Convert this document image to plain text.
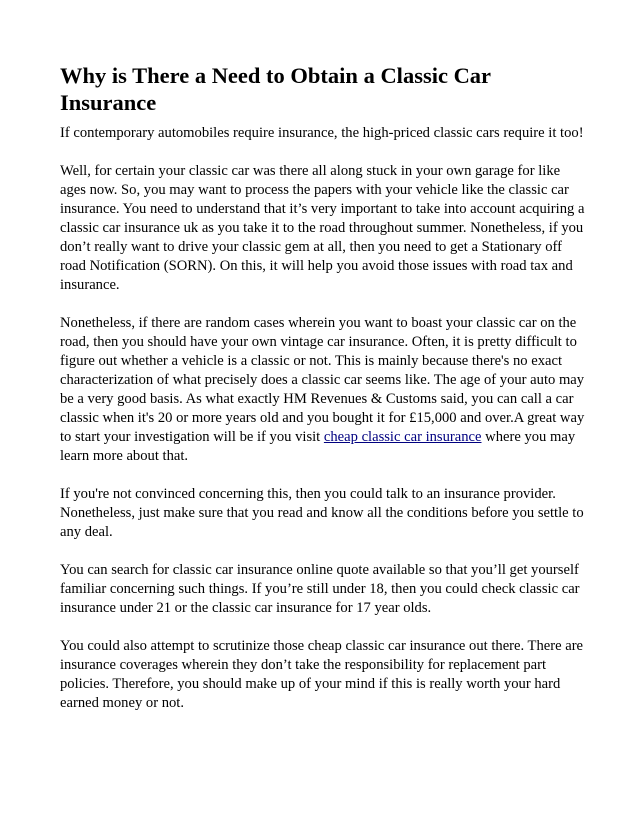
Why is There a Need to Obtain a Classic Car Insurance

If contemporary automobiles require insurance, the high-priced classic cars require it too!

Well, for certain your classic car was there all along stuck in your own garage for like ages now. So, you may want to process the papers with your vehicle like the classic car insurance. You need to understand that it’s very important to take into account acquiring a classic car insurance uk as you take it to the road throughout summer. Nonetheless, if you don’t really want to drive your classic gem at all, then you need to get a Stationary off road Notification (SORN). On this, it will help you avoid those issues with road tax and insurance.

Nonetheless, if there are random cases wherein you want to boast your classic car on the road, then you should have your own vintage car insurance. Often, it is pretty difficult to figure out whether a vehicle is a classic or not. This is mainly because there's no exact characterization of what precisely does a classic car seems like. The age of your auto may be a very good basis. As what exactly HM Revenues & Customs said, you can call a car classic when it's 20 or more years old and you bought it for £15,000 and over.A great way to start your investigation will be if you visit cheap classic car insurance where you may learn more about that.

If you're not convinced concerning this, then you could talk to an insurance provider. Nonetheless, just make sure that you read and know all the conditions before you settle to any deal.

You can search for classic car insurance online quote available so that you’ll get yourself familiar concerning such things. If you’re still under 18, then you could check classic car insurance under 21 or the classic car insurance for 17 year olds.

You could also attempt to scrutinize those cheap classic car insurance out there. There are insurance coverages wherein they don’t take the responsibility for replacement part policies. Therefore, you should make up of your mind if this is really worth your hard earned money or not.
